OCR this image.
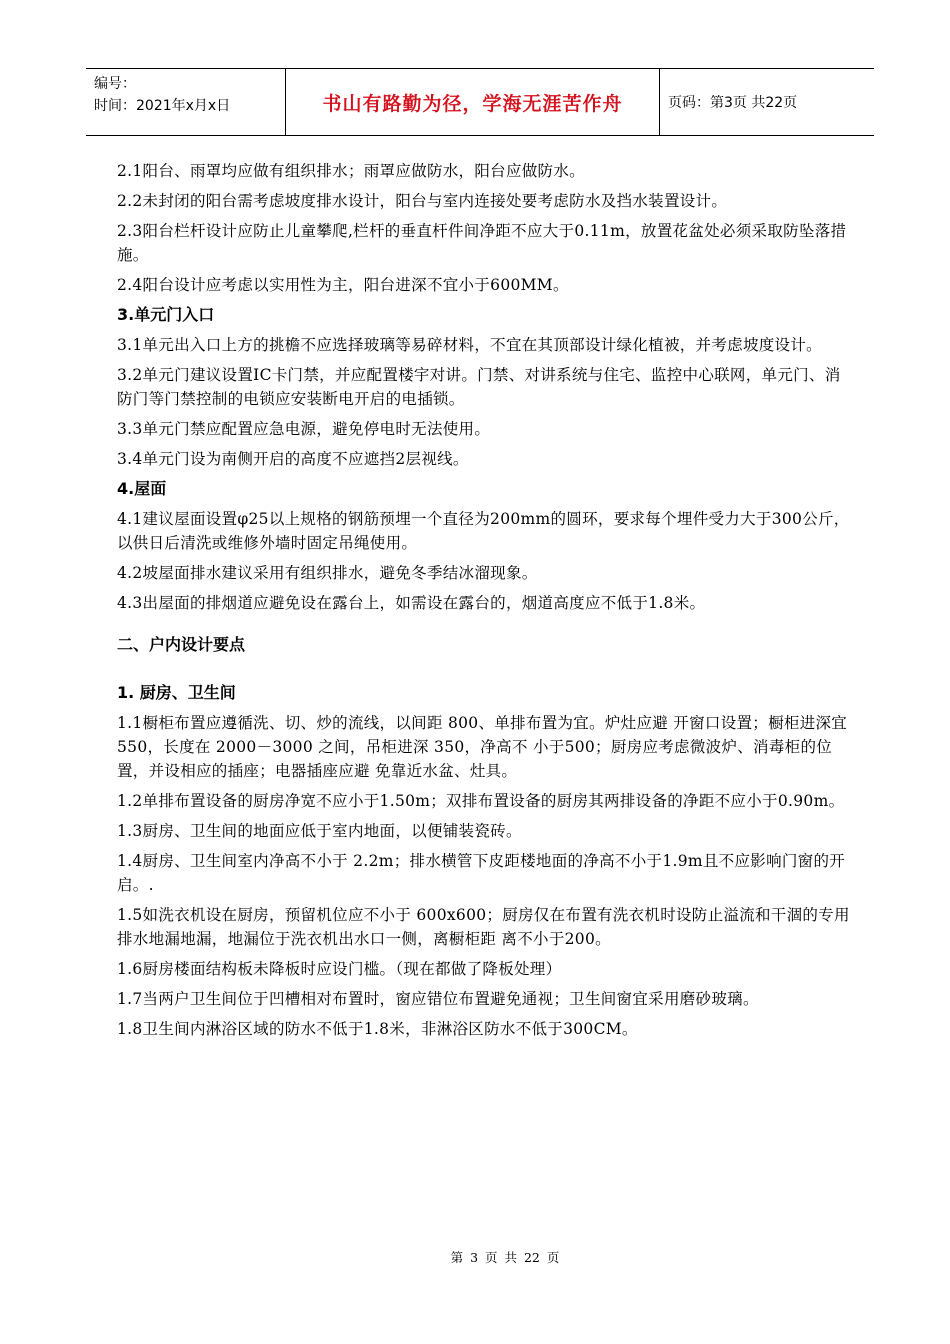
编号：
时间：2021年x月x日	书山有路勤为径，学海无涯苦作舟	页码：第3页 共22页

2.1阳台、雨罩均应做有组织排水；雨罩应做防水，阳台应做防水。

2.2未封闭的阳台需考虑坡度排水设计，阳台与室内连接处要考虑防水及挡水装置设计。

2.3阳台栏杆设计应防止儿童攀爬,栏杆的垂直杆件间净距不应大于0.11m，放置花盆处必须采取防坠落措施。

2.4阳台设计应考虑以实用性为主，阳台进深不宜小于600MM。

3.单元门入口

3.1单元出入口上方的挑檐不应选择玻璃等易碎材料，不宜在其顶部设计绿化植被，并考虑坡度设计。

3.2单元门建议设置IC卡门禁，并应配置楼宇对讲。门禁、对讲系统与住宅、监控中心联网，单元门、消防门等门禁控制的电锁应安装断电开启的电插锁。

3.3单元门禁应配置应急电源，避免停电时无法使用。

3.4单元门设为南侧开启的高度不应遮挡2层视线。

4.屋面

4.1建议屋面设置φ25以上规格的钢筋预埋一个直径为200mm的圆环，要求每个埋件受力大于300公斤，以供日后清洗或维修外墙时固定吊绳使用。

4.2坡屋面排水建议采用有组织排水，避免冬季结冰溜现象。

4.3出屋面的排烟道应避免设在露台上，如需设在露台的，烟道高度应不低于1.8米。

二、户内设计要点
1. 厨房、卫生间

1.1橱柜布置应遵循洗、切、炒的流线，以间距 800、单排布置为宜。炉灶应避 开窗口设置；橱柜进深宜 550，长度在 2000－3000 之间，吊柜进深 350，净高不 小于500；厨房应考虑微波炉、消毒柜的位置，并设相应的插座；电器插座应避 免靠近水盆、灶具。

1.2单排布置设备的厨房净宽不应小于1.50m；双排布置设备的厨房其两排设备的净距不应小于0.90m。

1.3厨房、卫生间的地面应低于室内地面，以便铺装瓷砖。

1.4厨房、卫生间室内净高不小于 2.2m；排水横管下皮距楼地面的净高不小于1.9m且不应影响门窗的开启。.

1.5如洗衣机设在厨房，预留机位应不小于 600x600；厨房仅在布置有洗衣机时设防止溢流和干涸的专用排水地漏地漏，地漏位于洗衣机出水口一侧，离橱柜距 离不小于200。

1.6厨房楼面结构板未降板时应设门槛。（现在都做了降板处理）

1.7当两户卫生间位于凹槽相对布置时，窗应错位布置避免通视；卫生间窗宜采用磨砂玻璃。

1.8卫生间内淋浴区域的防水不低于1.8米，非淋浴区防水不低于300CM。

第 3 页 共 22 页
